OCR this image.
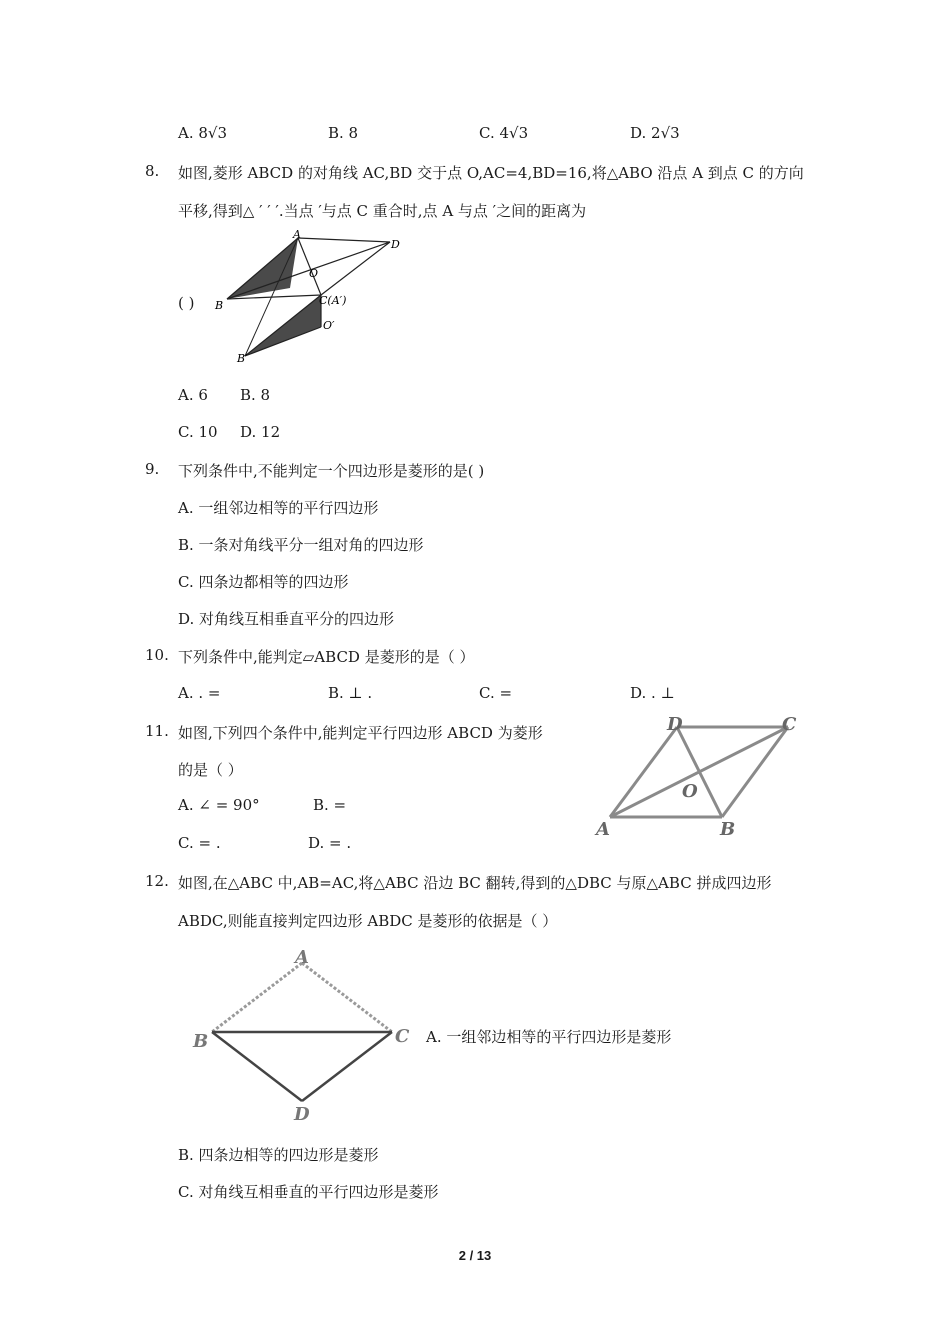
A. 8√3	B. 8	C. 4√3	D. 2√3
8. 如图,菱形 ABCD 的对角线 AC,BD 交于点 O,AC=4,BD=16,将△ABO 沿点 A 到点 C 的方向
平移,得到△ ′ ′ ′.当点 ′与点 C 重合时,点 A 与点 ′之间的距离为
A
D
O
B	C(A′)
O′
B′
( )
A. 6 B. 8
C. 10 D. 12
9. 下列条件中,不能判定一个四边形是菱形的是( )
A. 一组邻边相等的平行四边形
B. 一条对角线平分一组对角的四边形
C. 四条边都相等的四边形
D. 对角线互相垂直平分的四边形
10. 下列条件中,能判定▱ABCD 是菱形的是（ ）
A. . =	B. ⊥ .	C. =	D. . ⊥
11. 如图,下列四个条件中,能判定平行四边形 ABCD 为菱形
的是（ ）
A. ∠ = 90°	B. =
C. = .	D. = .
D	C
O
A	B
12. 如图,在△ABC 中,AB=AC,将△ABC 沿边 BC 翻转,得到的△DBC 与原△ABC 拼成四边形
ABDC,则能直接判定四边形 ABDC 是菱形的依据是（ ）
A
B	C
D
A. 一组邻边相等的平行四边形是菱形
B. 四条边相等的四边形是菱形
C. 对角线互相垂直的平行四边形是菱形
2 / 13
